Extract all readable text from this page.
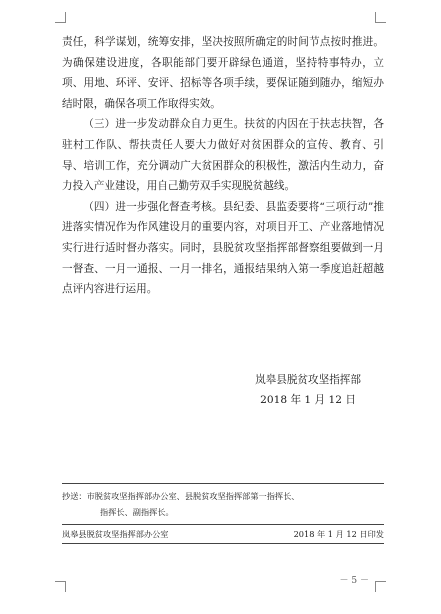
责任，科学谋划，统筹安排，坚决按照所确定的时间节点按时推进。为确保建设进度，各职能部门要开辟绿色通道，坚持特事特办，立项、用地、环评、安评、招标等各项手续，要保证随到随办，缩短办结时限，确保各项工作取得实效。

（三）进一步发动群众自力更生。扶贫的内因在于扶志扶智，各驻村工作队、帮扶责任人要大力做好对贫困群众的宣传、教育、引导、培训工作，充分调动广大贫困群众的积极性，激活内生动力，奋力投入产业建设，用自己勤劳双手实现脱贫越线。

（四）进一步强化督查考核。县纪委、县监委要将“三项行动”推进落实情况作为作风建设月的重要内容，对项目开工、产业落地情况实行进行适时督办落实。同时，县脱贫攻坚指挥部督察组要做到一月一督查、一月一通报、一月一排名，通报结果纳入第一季度追赶超越点评内容进行运用。

岚皋县脱贫攻坚指挥部
2018 年 1 月 12 日
抄送：市脱贫攻坚指挥部办公室、县脱贫攻坚指挥部第一指挥长、
指挥长、副指挥长。
岚皋县脱贫攻坚指挥部办公室	2018 年 1 月 12 日印发
－ 5 －
